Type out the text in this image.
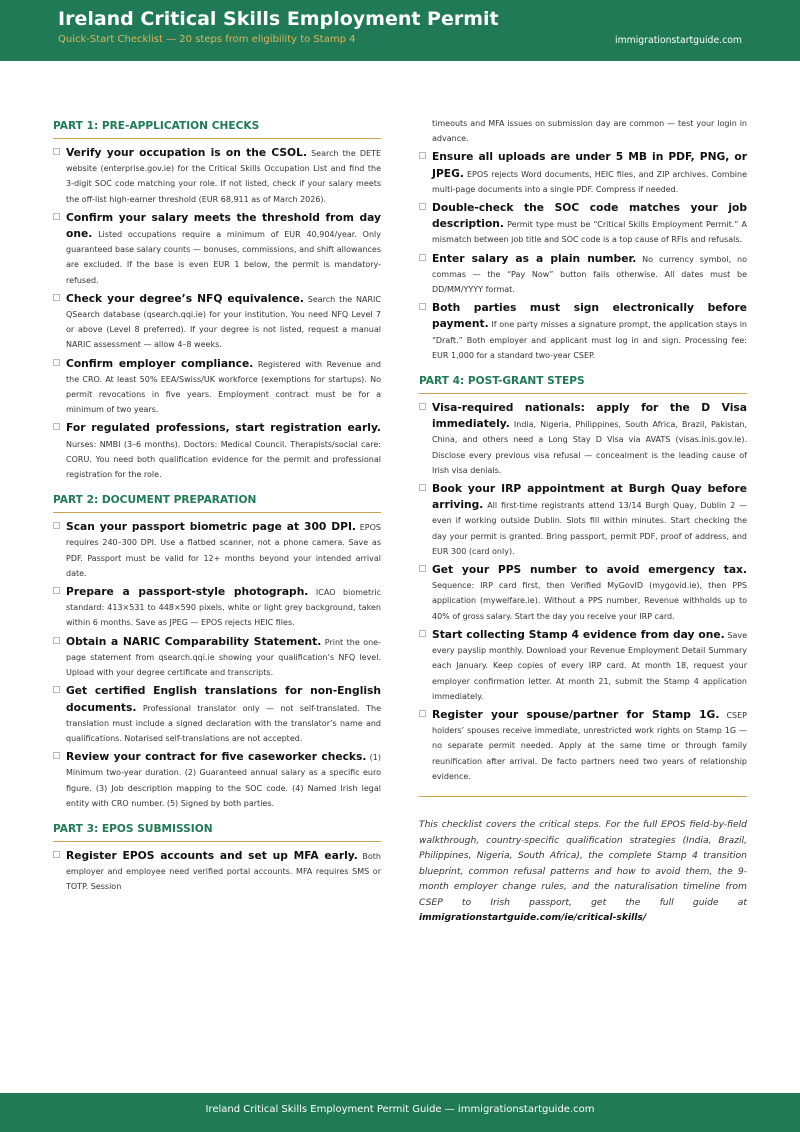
Ireland Critical Skills Employment Permit
Quick-Start Checklist — 20 steps from eligibility to Stamp 4	immigrationstartguide.com
PART 1: PRE-APPLICATION CHECKS
Verify your occupation is on the CSOL. Search the DETE website (enterprise.gov.ie) for the Critical Skills Occupation List and find the 3-digit SOC code matching your role. If not listed, check if your salary meets the off-list high-earner threshold (EUR 68,911 as of March 2026).
Confirm your salary meets the threshold from day one. Listed occupations require a minimum of EUR 40,904/year. Only guaranteed base salary counts — bonuses, commissions, and shift allowances are excluded. If the base is even EUR 1 below, the permit is mandatory-refused.
Check your degree’s NFQ equivalence. Search the NARIC QSearch database (qsearch.qqi.ie) for your institution. You need NFQ Level 7 or above (Level 8 preferred). If your degree is not listed, request a manual NARIC assessment — allow 4–8 weeks.
Confirm employer compliance. Registered with Revenue and the CRO. At least 50% EEA/Swiss/UK workforce (exemptions for startups). No permit revocations in five years. Employment contract must be for a minimum of two years.
For regulated professions, start registration early. Nurses: NMBI (3–6 months). Doctors: Medical Council. Therapists/social care: CORU. You need both qualification evidence for the permit and professional registration for the role.
PART 2: DOCUMENT PREPARATION
Scan your passport biometric page at 300 DPI. EPOS requires 240–300 DPI. Use a flatbed scanner, not a phone camera. Save as PDF. Passport must be valid for 12+ months beyond your intended arrival date.
Prepare a passport-style photograph. ICAO biometric standard: 413×531 to 448×590 pixels, white or light grey background, taken within 6 months. Save as JPEG — EPOS rejects HEIC files.
Obtain a NARIC Comparability Statement. Print the one-page statement from qsearch.qqi.ie showing your qualification’s NFQ level. Upload with your degree certificate and transcripts.
Get certified English translations for non-English documents. Professional translator only — not self-translated. The translation must include a signed declaration with the translator’s name and qualifications. Notarised self-translations are not accepted.
Review your contract for five caseworker checks. (1) Minimum two-year duration. (2) Guaranteed annual salary as a specific euro figure. (3) Job description mapping to the SOC code. (4) Named Irish legal entity with CRO number. (5) Signed by both parties.
PART 3: EPOS SUBMISSION
Register EPOS accounts and set up MFA early. Both employer and employee need verified portal accounts. MFA requires SMS or TOTP. Session
timeouts and MFA issues on submission day are common — test your login in advance.
Ensure all uploads are under 5 MB in PDF, PNG, or JPEG. EPOS rejects Word documents, HEIC files, and ZIP archives. Combine multi-page documents into a single PDF. Compress if needed.
Double-check the SOC code matches your job description. Permit type must be “Critical Skills Employment Permit.” A mismatch between job title and SOC code is a top cause of RFIs and refusals.
Enter salary as a plain number. No currency symbol, no commas — the “Pay Now” button fails otherwise. All dates must be DD/MM/YYYY format.
Both parties must sign electronically before payment. If one party misses a signature prompt, the application stays in “Draft.” Both employer and applicant must log in and sign. Processing fee: EUR 1,000 for a standard two-year CSEP.
PART 4: POST-GRANT STEPS
Visa-required nationals: apply for the D Visa immediately. India, Nigeria, Philippines, South Africa, Brazil, Pakistan, China, and others need a Long Stay D Visa via AVATS (visas.inis.gov.ie). Disclose every previous visa refusal — concealment is the leading cause of Irish visa denials.
Book your IRP appointment at Burgh Quay before arriving. All first-time registrants attend 13/14 Burgh Quay, Dublin 2 — even if working outside Dublin. Slots fill within minutes. Start checking the day your permit is granted. Bring passport, permit PDF, proof of address, and EUR 300 (card only).
Get your PPS number to avoid emergency tax. Sequence: IRP card first, then Verified MyGovID (mygovid.ie), then PPS application (mywelfare.ie). Without a PPS number, Revenue withholds up to 40% of gross salary. Start the day you receive your IRP card.
Start collecting Stamp 4 evidence from day one. Save every payslip monthly. Download your Revenue Employment Detail Summary each January. Keep copies of every IRP card. At month 18, request your employer confirmation letter. At month 21, submit the Stamp 4 application immediately.
Register your spouse/partner for Stamp 1G. CSEP holders’ spouses receive immediate, unrestricted work rights on Stamp 1G — no separate permit needed. Apply at the same time or through family reunification after arrival. De facto partners need two years of relationship evidence.
This checklist covers the critical steps. For the full EPOS field-by-field walkthrough, country-specific qualification strategies (India, Brazil, Philippines, Nigeria, South Africa), the complete Stamp 4 transition blueprint, common refusal patterns and how to avoid them, the 9-month employer change rules, and the naturalisation timeline from CSEP to Irish passport, get the full guide at immigrationstartguide.com/ie/critical-skills/
Ireland Critical Skills Employment Permit Guide — immigrationstartguide.com
